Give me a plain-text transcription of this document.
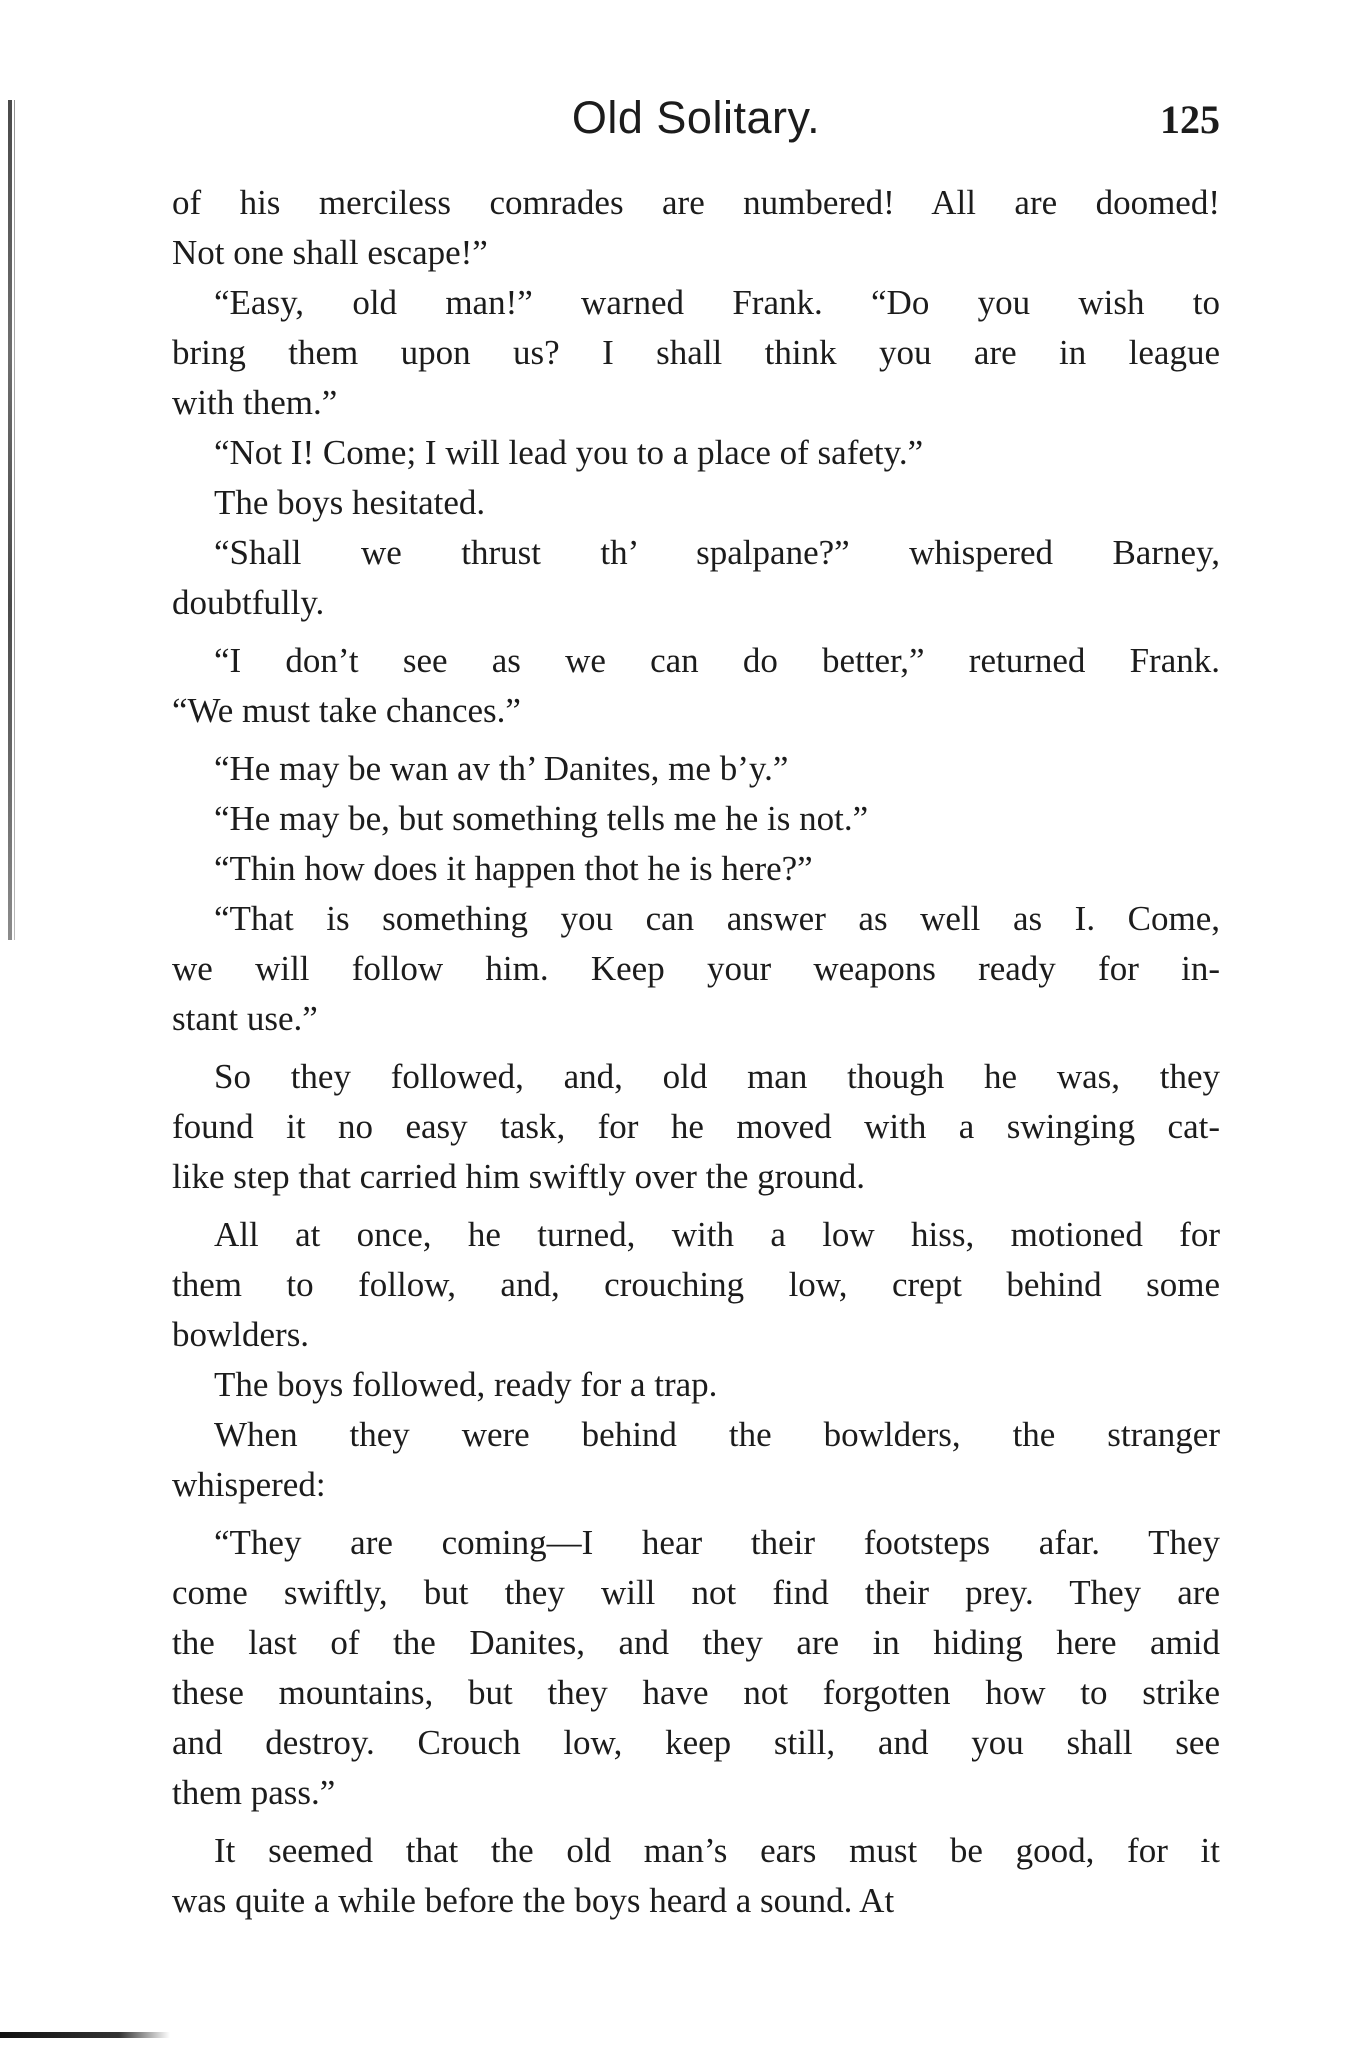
Old Solitary.	125
of his merciless comrades are numbered! All are doomed!
Not one shall escape!”
“Easy, old man!” warned Frank. “Do you wish to
bring them upon us? I shall think you are in league
with them.”
“Not I! Come; I will lead you to a place of safety.”
The boys hesitated.
“Shall we thrust th’ spalpane?” whispered Barney,
doubtfully.
“I don’t see as we can do better,” returned Frank.
“We must take chances.”
“He may be wan av th’ Danites, me b’y.”
“He may be, but something tells me he is not.”
“Thin how does it happen thot he is here?”
“That is something you can answer as well as I. Come,
we will follow him. Keep your weapons ready for in-
stant use.”
So they followed, and, old man though he was, they
found it no easy task, for he moved with a swinging cat-
like step that carried him swiftly over the ground.
All at once, he turned, with a low hiss, motioned for
them to follow, and, crouching low, crept behind some
bowlders.
The boys followed, ready for a trap.
When they were behind the bowlders, the stranger
whispered:
“They are coming—I hear their footsteps afar. They
come swiftly, but they will not find their prey. They are
the last of the Danites, and they are in hiding here amid
these mountains, but they have not forgotten how to strike
and destroy. Crouch low, keep still, and you shall see
them pass.”
It seemed that the old man’s ears must be good, for it
was quite a while before the boys heard a sound. At
